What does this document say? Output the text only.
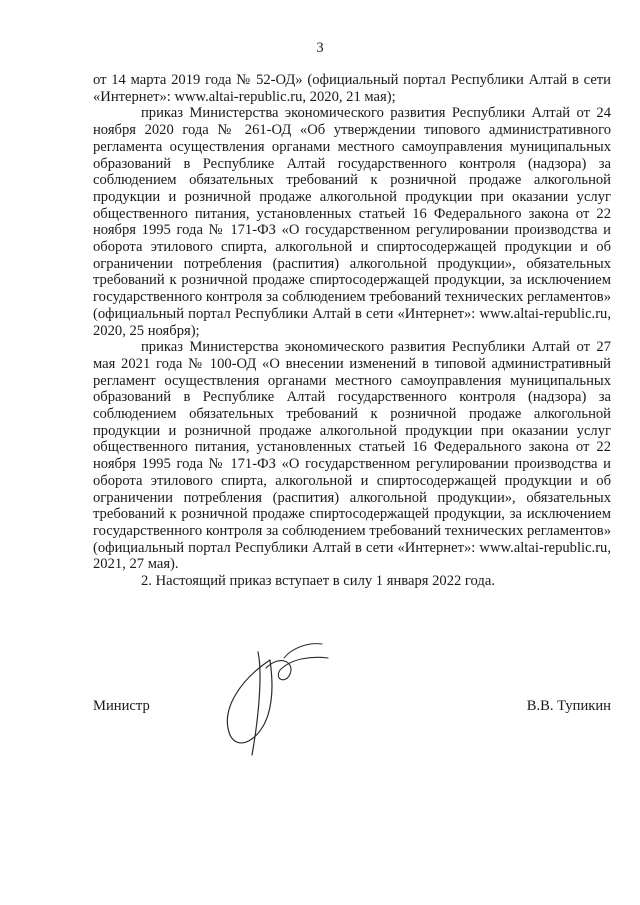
3

от 14 марта 2019 года № 52-ОД» (официальный портал Республики Алтай в сети «Интернет»: www.altai-republic.ru, 2020, 21 мая);

приказ Министерства экономического развития Республики Алтай от 24 ноября 2020 года № 261-ОД «Об утверждении типового административного регламента осуществления органами местного самоуправления муниципальных образований в Республике Алтай государственного контроля (надзора) за соблюдением обязательных требований к розничной продаже алкогольной продукции и розничной продаже алкогольной продукции при оказании услуг общественного питания, установленных статьей 16 Федерального закона от 22 ноября 1995 года № 171-ФЗ «О государственном регулировании производства и оборота этилового спирта, алкогольной и спиртосодержащей продукции и об ограничении потребления (распития) алкогольной продукции», обязательных требований к розничной продаже спиртосодержащей продукции, за исключением государственного контроля за соблюдением требований технических регламентов» (официальный портал Республики Алтай в сети «Интернет»: www.altai-republic.ru, 2020, 25 ноября);

приказ Министерства экономического развития Республики Алтай от 27 мая 2021 года № 100-ОД «О внесении изменений в типовой административный регламент осуществления органами местного самоуправления муниципальных образований в Республике Алтай государственного контроля (надзора) за соблюдением обязательных требований к розничной продаже алкогольной продукции и розничной продаже алкогольной продукции при оказании услуг общественного питания, установленных статьей 16 Федерального закона от 22 ноября 1995 года № 171-ФЗ «О государственном регулировании производства и оборота этилового спирта, алкогольной и спиртосодержащей продукции и об ограничении потребления (распития) алкогольной продукции», обязательных требований к розничной продаже спиртосодержащей продукции, за исключением государственного контроля за соблюдением требований технических регламентов» (официальный портал Республики Алтай в сети «Интернет»: www.altai-republic.ru, 2021, 27 мая).

2. Настоящий приказ вступает в силу 1 января 2022 года.

Министр	В.В. Тупикин
